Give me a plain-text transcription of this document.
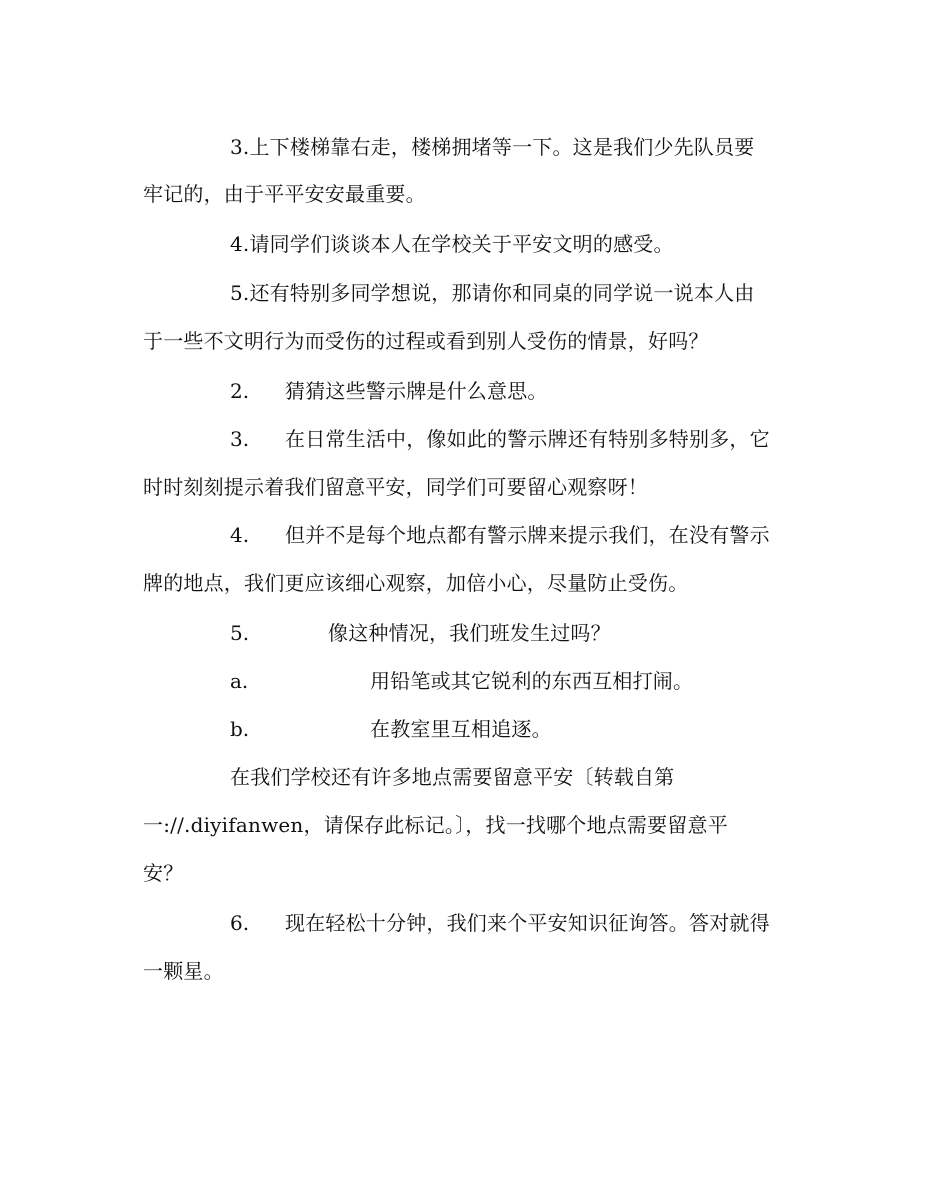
3.上下楼梯靠右走，楼梯拥堵等一下。这是我们少先队员要
牢记的，由于平平安安最重要。
4.请同学们谈谈本人在学校关于平安文明的感受。
5.还有特别多同学想说，那请你和同桌的同学说一说本人由
于一些不文明行为而受伤的过程或看到别人受伤的情景，好吗？
2. 猜猜这些警示牌是什么意思。
3. 在日常生活中，像如此的警示牌还有特别多特别多，它
时时刻刻提示着我们留意平安，同学们可要留心观察呀！
4. 但并不是每个地点都有警示牌来提示我们，在没有警示
牌的地点，我们更应该细心观察，加倍小心，尽量防止受伤。
5.	像这种情况，我们班发生过吗？
a.	用铅笔或其它锐利的东西互相打闹。
b.	在教室里互相追逐。
在我们学校还有许多地点需要留意平安〔转载自第
一://.diyifanwen，请保存此标记。〕，找一找哪个地点需要留意平
安？
6. 现在轻松十分钟，我们来个平安知识征询答。答对就得
一颗星。
